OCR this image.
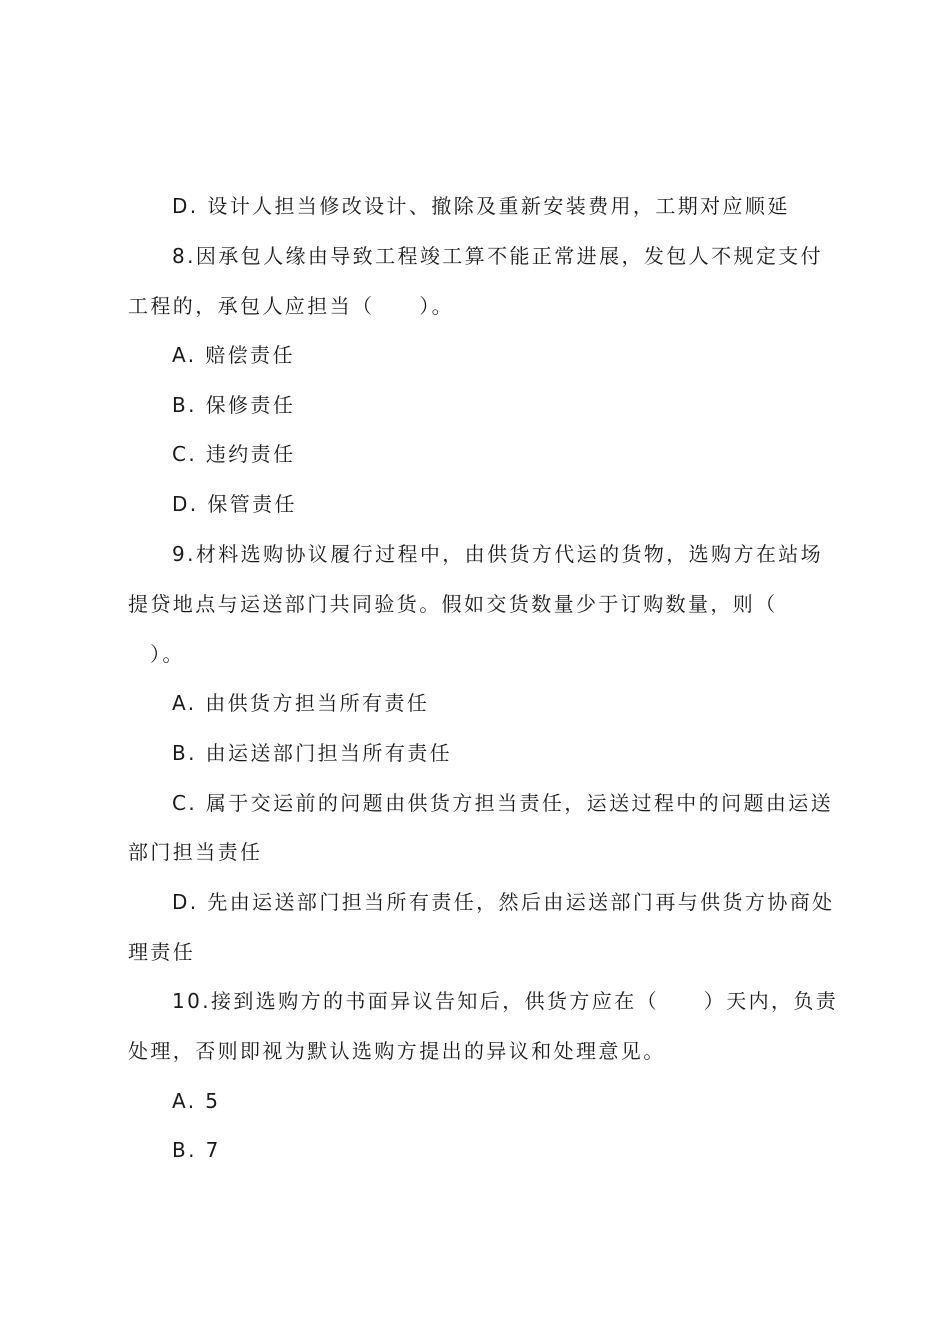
D. 设计人担当修改设计、撤除及重新安装费用，工期对应顺延
8.因承包人缘由导致工程竣工算不能正常进展，发包人不规定支付
工程的，承包人应担当（　　）。
A. 赔偿责任
B. 保修责任
C. 违约责任
D. 保管责任
9.材料选购协议履行过程中，由供货方代运的货物，选购方在站场
提贷地点与运送部门共同验货。假如交货数量少于订购数量，则（
）。
A. 由供货方担当所有责任
B. 由运送部门担当所有责任
C. 属于交运前的问题由供货方担当责任，运送过程中的问题由运送
部门担当责任
D. 先由运送部门担当所有责任，然后由运送部门再与供货方协商处
理责任
10.接到选购方的书面异议告知后，供货方应在（　　）天内，负责
处理，否则即视为默认选购方提出的异议和处理意见。
A. 5
B. 7
